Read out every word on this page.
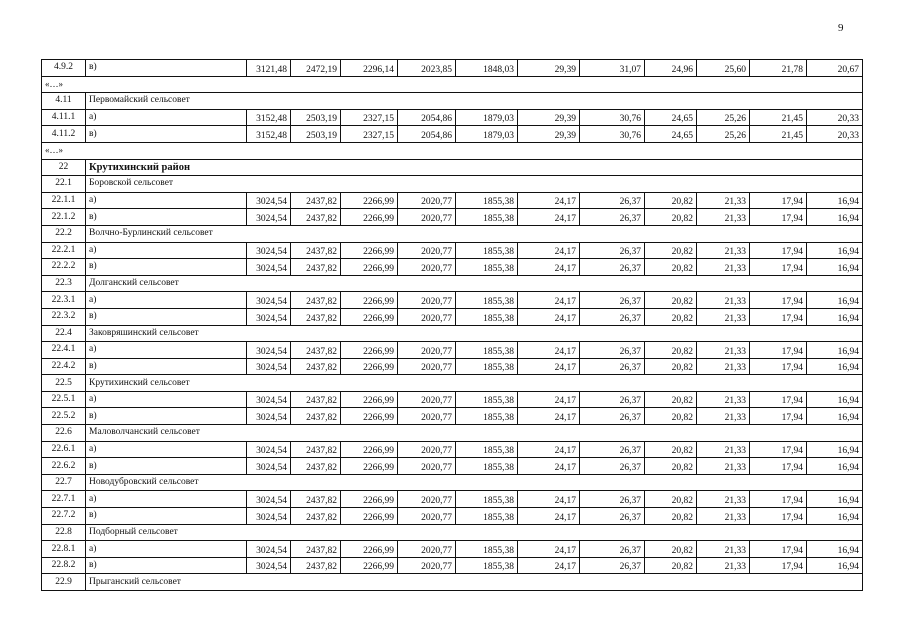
9
4.9.2	в)	3121,48	2472,19	2296,14	2023,85	1848,03	29,39	31,07	24,96	25,60	21,78	20,67
«…»												
4.11	Первомайский сельсовет											
4.11.1	а)	3152,48	2503,19	2327,15	2054,86	1879,03	29,39	30,76	24,65	25,26	21,45	20,33
4.11.2	в)	3152,48	2503,19	2327,15	2054,86	1879,03	29,39	30,76	24,65	25,26	21,45	20,33
«…»												
22	Крутихинский район											
22.1	Боровской сельсовет											
22.1.1	а)	3024,54	2437,82	2266,99	2020,77	1855,38	24,17	26,37	20,82	21,33	17,94	16,94
22.1.2	в)	3024,54	2437,82	2266,99	2020,77	1855,38	24,17	26,37	20,82	21,33	17,94	16,94
22.2	Волчно-Бурлинский сельсовет											
22.2.1	а)	3024,54	2437,82	2266,99	2020,77	1855,38	24,17	26,37	20,82	21,33	17,94	16,94
22.2.2	в)	3024,54	2437,82	2266,99	2020,77	1855,38	24,17	26,37	20,82	21,33	17,94	16,94
22.3	Долганский сельсовет											
22.3.1	а)	3024,54	2437,82	2266,99	2020,77	1855,38	24,17	26,37	20,82	21,33	17,94	16,94
22.3.2	в)	3024,54	2437,82	2266,99	2020,77	1855,38	24,17	26,37	20,82	21,33	17,94	16,94
22.4	Заковряшинский сельсовет											
22.4.1	а)	3024,54	2437,82	2266,99	2020,77	1855,38	24,17	26,37	20,82	21,33	17,94	16,94
22.4.2	в)	3024,54	2437,82	2266,99	2020,77	1855,38	24,17	26,37	20,82	21,33	17,94	16,94
22.5	Крутихинский сельсовет											
22.5.1	а)	3024,54	2437,82	2266,99	2020,77	1855,38	24,17	26,37	20,82	21,33	17,94	16,94
22.5.2	в)	3024,54	2437,82	2266,99	2020,77	1855,38	24,17	26,37	20,82	21,33	17,94	16,94
22.6	Маловолчанский сельсовет											
22.6.1	а)	3024,54	2437,82	2266,99	2020,77	1855,38	24,17	26,37	20,82	21,33	17,94	16,94
22.6.2	в)	3024,54	2437,82	2266,99	2020,77	1855,38	24,17	26,37	20,82	21,33	17,94	16,94
22.7	Новодубровский сельсовет											
22.7.1	а)	3024,54	2437,82	2266,99	2020,77	1855,38	24,17	26,37	20,82	21,33	17,94	16,94
22.7.2	в)	3024,54	2437,82	2266,99	2020,77	1855,38	24,17	26,37	20,82	21,33	17,94	16,94
22.8	Подборный сельсовет											
22.8.1	а)	3024,54	2437,82	2266,99	2020,77	1855,38	24,17	26,37	20,82	21,33	17,94	16,94
22.8.2	в)	3024,54	2437,82	2266,99	2020,77	1855,38	24,17	26,37	20,82	21,33	17,94	16,94
22.9	Прыганский сельсовет											
